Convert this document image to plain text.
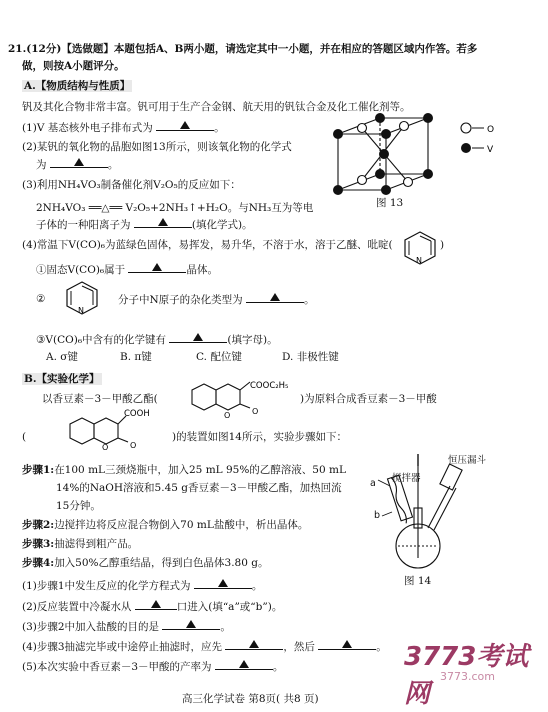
21.(12分)【选做题】本题包括A、B两小题，请选定其中一小题，并在相应的答题区域内作答。若多
做，则按A小题评分。
A.【物质结构与性质】
钒及其化合物非常丰富。钒可用于生产合金钢、航天用的钒钛合金及化工催化剂等。
(1)V 基态核外电子排布式为	。
(2)某钒的氧化物的晶胞如图13所示，则该氧化物的化学式
为	。
(3)利用NH₄VO₃制备催化剂V₂O₅的反应如下：
2NH₄VO₃ ══△══ V₂O₅+2NH₃↑+H₂O。与NH₃互为等电
子体的一种阳离子为	(填化学式)。
(4)常温下V(CO)₆为蓝绿色固体，易挥发，易升华，不溶于水，溶于乙醚、吡啶(	)
N
①固态V(CO)₆属于	晶体。
②
N
分子中N原子的杂化类型为	。
③V(CO)₆中含有的化学键有	(填字母)。
A. σ键	B. π键	C. 配位键	D. 非极性键
O
V
图 13
B.【实验化学】
以香豆素－3－甲酸乙酯(
COOC₂H₅
O	O
)为原料合成香豆素－3－甲酸
(
COOH
O	O
)的装置如图14所示，实验步骤如下：
步骤1:在100 mL三颈烧瓶中，加入25 mL 95%的乙醇溶液、50 mL
14%的NaOH溶液和5.45 g香豆素－3－甲酸乙酯，加热回流
15分钟。
步骤2:边搅拌边将反应混合物倒入70 mL盐酸中，析出晶体。
步骤3:抽滤得到粗产品。
步骤4:加入50%乙醇重结晶，得到白色晶体3.80 g。
(1)步骤1中发生反应的化学方程式为	。
(2)反应装置中冷凝水从	口进入(填“a”或“b”)。
(3)步骤2中加入盐酸的目的是	。
(4)步骤3抽滤完毕或中途停止抽滤时，应先	，然后	。
(5)本次实验中香豆素－3－甲酸的产率为	。
恒压漏斗
搅拌器
a
b
图 14
高三化学试卷 第8页( 共8 页)
3773考试网
3773.com
